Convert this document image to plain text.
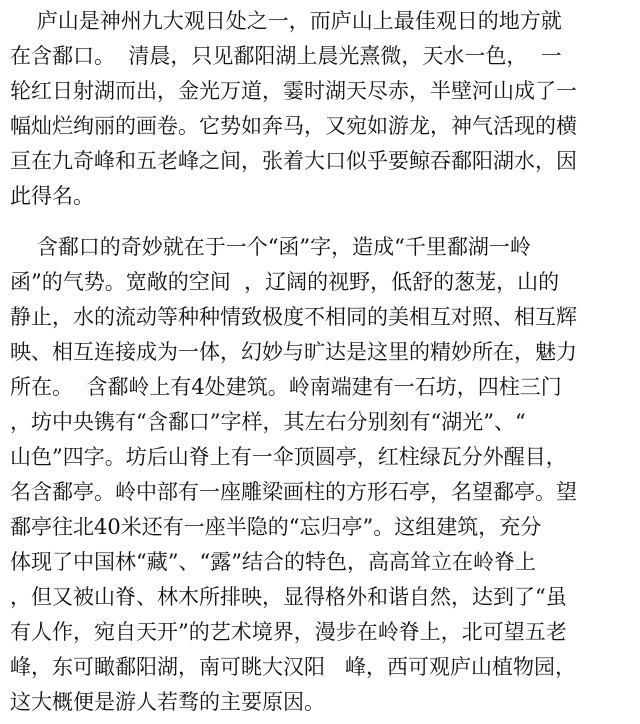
庐山是神州九大观日处之一，而庐山上最佳观日的地方就
在含鄱口。  清晨，只见鄱阳湖上晨光熹微，天水一色，  一
轮红日射湖而出，金光万道，霎时湖天尽赤，半壁河山成了一
幅灿烂绚丽的画卷。它势如奔马，又宛如游龙，神气活现的横
亘在九奇峰和五老峰之间，张着大口似乎要鲸吞鄱阳湖水，因
此得名。
含鄱口的奇妙就在于一个“函”字，造成“千里鄱湖一岭
函”的气势。宽敞的空间  ，辽阔的视野，低舒的葱茏，山的
静止，水的流动等种种情致极度不相同的美相互对照、相互辉
映、相互连接成为一体，幻妙与旷达是这里的精妙所在，魅力
所在。  含鄱岭上有4处建筑。岭南端建有一石坊，四柱三门
，坊中央镌有“含鄱口”字样，其左右分别刻有“湖光”、“
山色”四字。坊后山脊上有一伞顶圆亭，红柱绿瓦分外醒目，
名含鄱亭。岭中部有一座雕梁画柱的方形石亭，名望鄱亭。望
鄱亭往北40米还有一座半隐的“忘归亭”。这组建筑，充分
体现了中国林“藏”、“露”结合的特色，高高耸立在岭脊上
，但又被山脊、林木所排映，显得格外和谐自然，达到了“虽
有人作，宛自天开”的艺术境界，漫步在岭脊上，北可望五老
峰，东可瞰鄱阳湖，南可眺大汉阳   峰，西可观庐山植物园，
这大概便是游人若骛的主要原因。
